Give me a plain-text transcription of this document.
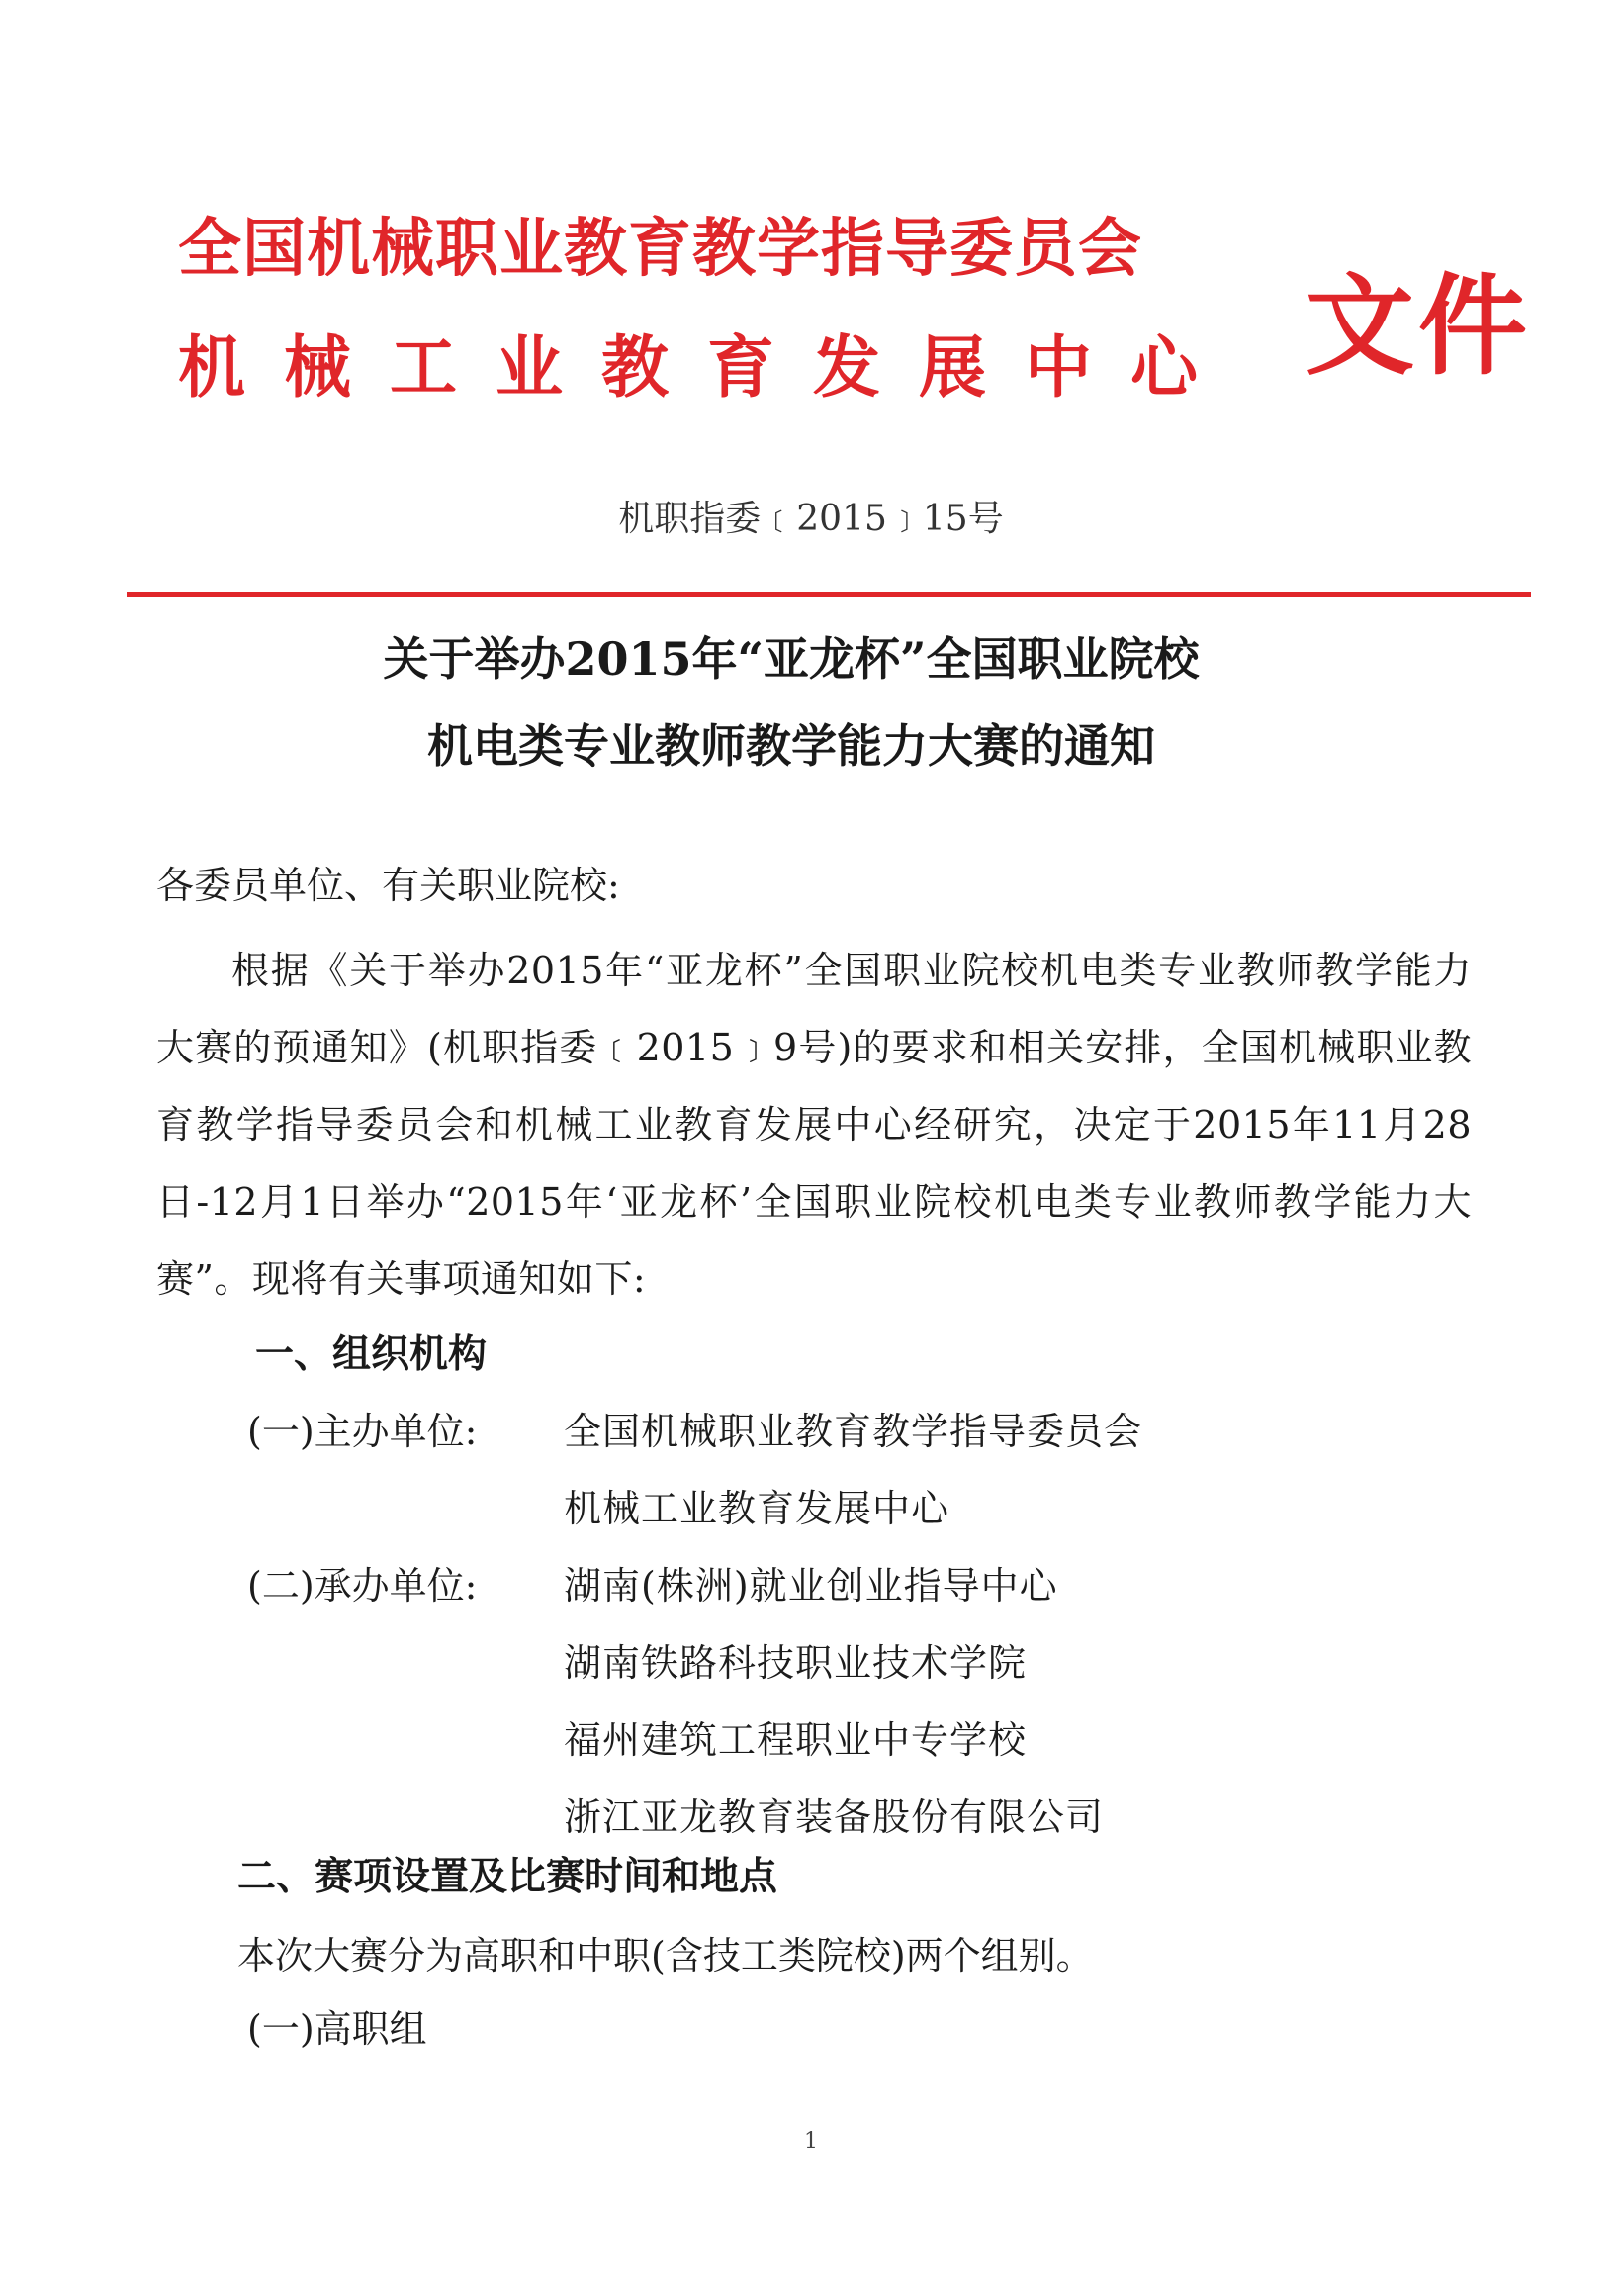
全国机械职业教育教学指导委员会
机械工业教育发展中心 文件
机职指委﹝2015﹞15号
关于举办2015年“亚龙杯”全国职业院校
机电类专业教师教学能力大赛的通知
各委员单位、有关职业院校:
根据《关于举办2015年“亚龙杯”全国职业院校机电类专业教师教学能力大赛的预通知》(机职指委﹝2015﹞9号)的要求和相关安排，全国机械职业教育教学指导委员会和机械工业教育发展中心经研究，决定于2015年11月28日-12月1日举办“2015年‘亚龙杯’全国职业院校机电类专业教师教学能力大赛”。现将有关事项通知如下:
一、组织机构
(一)主办单位: 全国机械职业教育教学指导委员会
机械工业教育发展中心
(二)承办单位: 湖南(株洲)就业创业指导中心
湖南铁路科技职业技术学院
福州建筑工程职业中专学校
浙江亚龙教育装备股份有限公司
二、赛项设置及比赛时间和地点
本次大赛分为高职和中职(含技工类院校)两个组别。
(一)高职组
1
